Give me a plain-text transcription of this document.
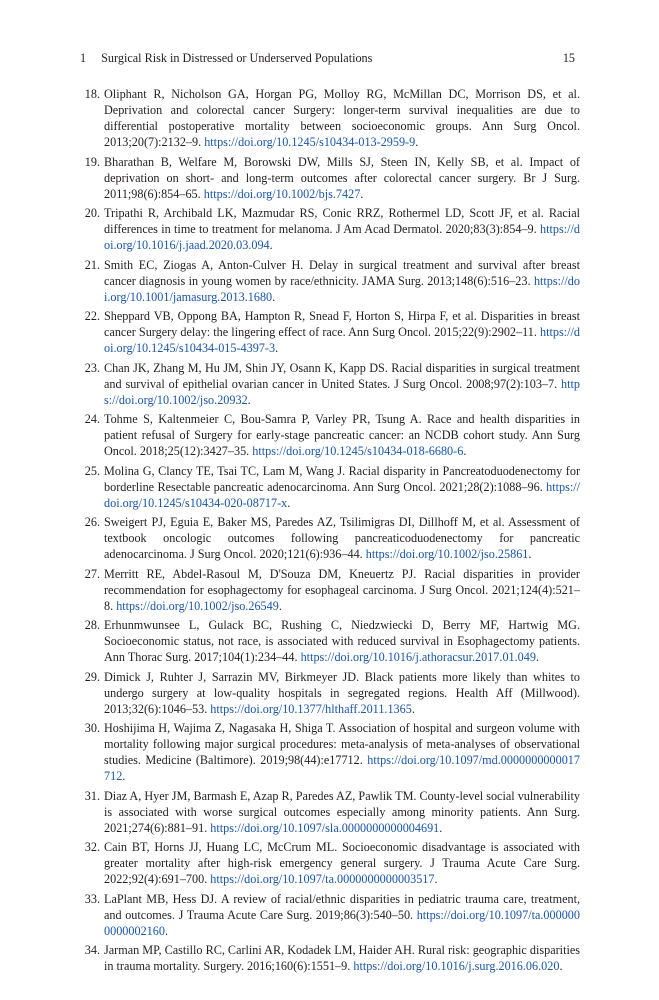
1 Surgical Risk in Distressed or Underserved Populations	15
18. Oliphant R, Nicholson GA, Horgan PG, Molloy RG, McMillan DC, Morrison DS, et al. Deprivation and colorectal cancer Surgery: longer-term survival inequalities are due to differential postoperative mortality between socioeconomic groups. Ann Surg Oncol. 2013;20(7):2132–9. https://doi.org/10.1245/s10434-013-2959-9.
19. Bharathan B, Welfare M, Borowski DW, Mills SJ, Steen IN, Kelly SB, et al. Impact of deprivation on short- and long-term outcomes after colorectal cancer surgery. Br J Surg. 2011;98(6):854–65. https://doi.org/10.1002/bjs.7427.
20. Tripathi R, Archibald LK, Mazmudar RS, Conic RRZ, Rothermel LD, Scott JF, et al. Racial differences in time to treatment for melanoma. J Am Acad Dermatol. 2020;83(3):854–9. https://doi.org/10.1016/j.jaad.2020.03.094.
21. Smith EC, Ziogas A, Anton-Culver H. Delay in surgical treatment and survival after breast cancer diagnosis in young women by race/ethnicity. JAMA Surg. 2013;148(6):516–23. https://doi.org/10.1001/jamasurg.2013.1680.
22. Sheppard VB, Oppong BA, Hampton R, Snead F, Horton S, Hirpa F, et al. Disparities in breast cancer Surgery delay: the lingering effect of race. Ann Surg Oncol. 2015;22(9):2902–11. https://doi.org/10.1245/s10434-015-4397-3.
23. Chan JK, Zhang M, Hu JM, Shin JY, Osann K, Kapp DS. Racial disparities in surgical treatment and survival of epithelial ovarian cancer in United States. J Surg Oncol. 2008;97(2):103–7. https://doi.org/10.1002/jso.20932.
24. Tohme S, Kaltenmeier C, Bou-Samra P, Varley PR, Tsung A. Race and health disparities in patient refusal of Surgery for early-stage pancreatic cancer: an NCDB cohort study. Ann Surg Oncol. 2018;25(12):3427–35. https://doi.org/10.1245/s10434-018-6680-6.
25. Molina G, Clancy TE, Tsai TC, Lam M, Wang J. Racial disparity in Pancreatoduodenectomy for borderline Resectable pancreatic adenocarcinoma. Ann Surg Oncol. 2021;28(2):1088–96. https://doi.org/10.1245/s10434-020-08717-x.
26. Sweigert PJ, Eguia E, Baker MS, Paredes AZ, Tsilimigras DI, Dillhoff M, et al. Assessment of textbook oncologic outcomes following pancreaticoduodenectomy for pancreatic adenocarcinoma. J Surg Oncol. 2020;121(6):936–44. https://doi.org/10.1002/jso.25861.
27. Merritt RE, Abdel-Rasoul M, D'Souza DM, Kneuertz PJ. Racial disparities in provider recommendation for esophagectomy for esophageal carcinoma. J Surg Oncol. 2021;124(4):521–8. https://doi.org/10.1002/jso.26549.
28. Erhunmwunsee L, Gulack BC, Rushing C, Niedzwiecki D, Berry MF, Hartwig MG. Socioeconomic status, not race, is associated with reduced survival in Esophagectomy patients. Ann Thorac Surg. 2017;104(1):234–44. https://doi.org/10.1016/j.athoracsur.2017.01.049.
29. Dimick J, Ruhter J, Sarrazin MV, Birkmeyer JD. Black patients more likely than whites to undergo surgery at low-quality hospitals in segregated regions. Health Aff (Millwood). 2013;32(6):1046–53. https://doi.org/10.1377/hlthaff.2011.1365.
30. Hoshijima H, Wajima Z, Nagasaka H, Shiga T. Association of hospital and surgeon volume with mortality following major surgical procedures: meta-analysis of meta-analyses of observational studies. Medicine (Baltimore). 2019;98(44):e17712. https://doi.org/10.1097/md.0000000000017712.
31. Diaz A, Hyer JM, Barmash E, Azap R, Paredes AZ, Pawlik TM. County-level social vulnerability is associated with worse surgical outcomes especially among minority patients. Ann Surg. 2021;274(6):881–91. https://doi.org/10.1097/sla.0000000000004691.
32. Cain BT, Horns JJ, Huang LC, McCrum ML. Socioeconomic disadvantage is associated with greater mortality after high-risk emergency general surgery. J Trauma Acute Care Surg. 2022;92(4):691–700. https://doi.org/10.1097/ta.0000000000003517.
33. LaPlant MB, Hess DJ. A review of racial/ethnic disparities in pediatric trauma care, treatment, and outcomes. J Trauma Acute Care Surg. 2019;86(3):540–50. https://doi.org/10.1097/ta.0000000000002160.
34. Jarman MP, Castillo RC, Carlini AR, Kodadek LM, Haider AH. Rural risk: geographic disparities in trauma mortality. Surgery. 2016;160(6):1551–9. https://doi.org/10.1016/j.surg.2016.06.020.
